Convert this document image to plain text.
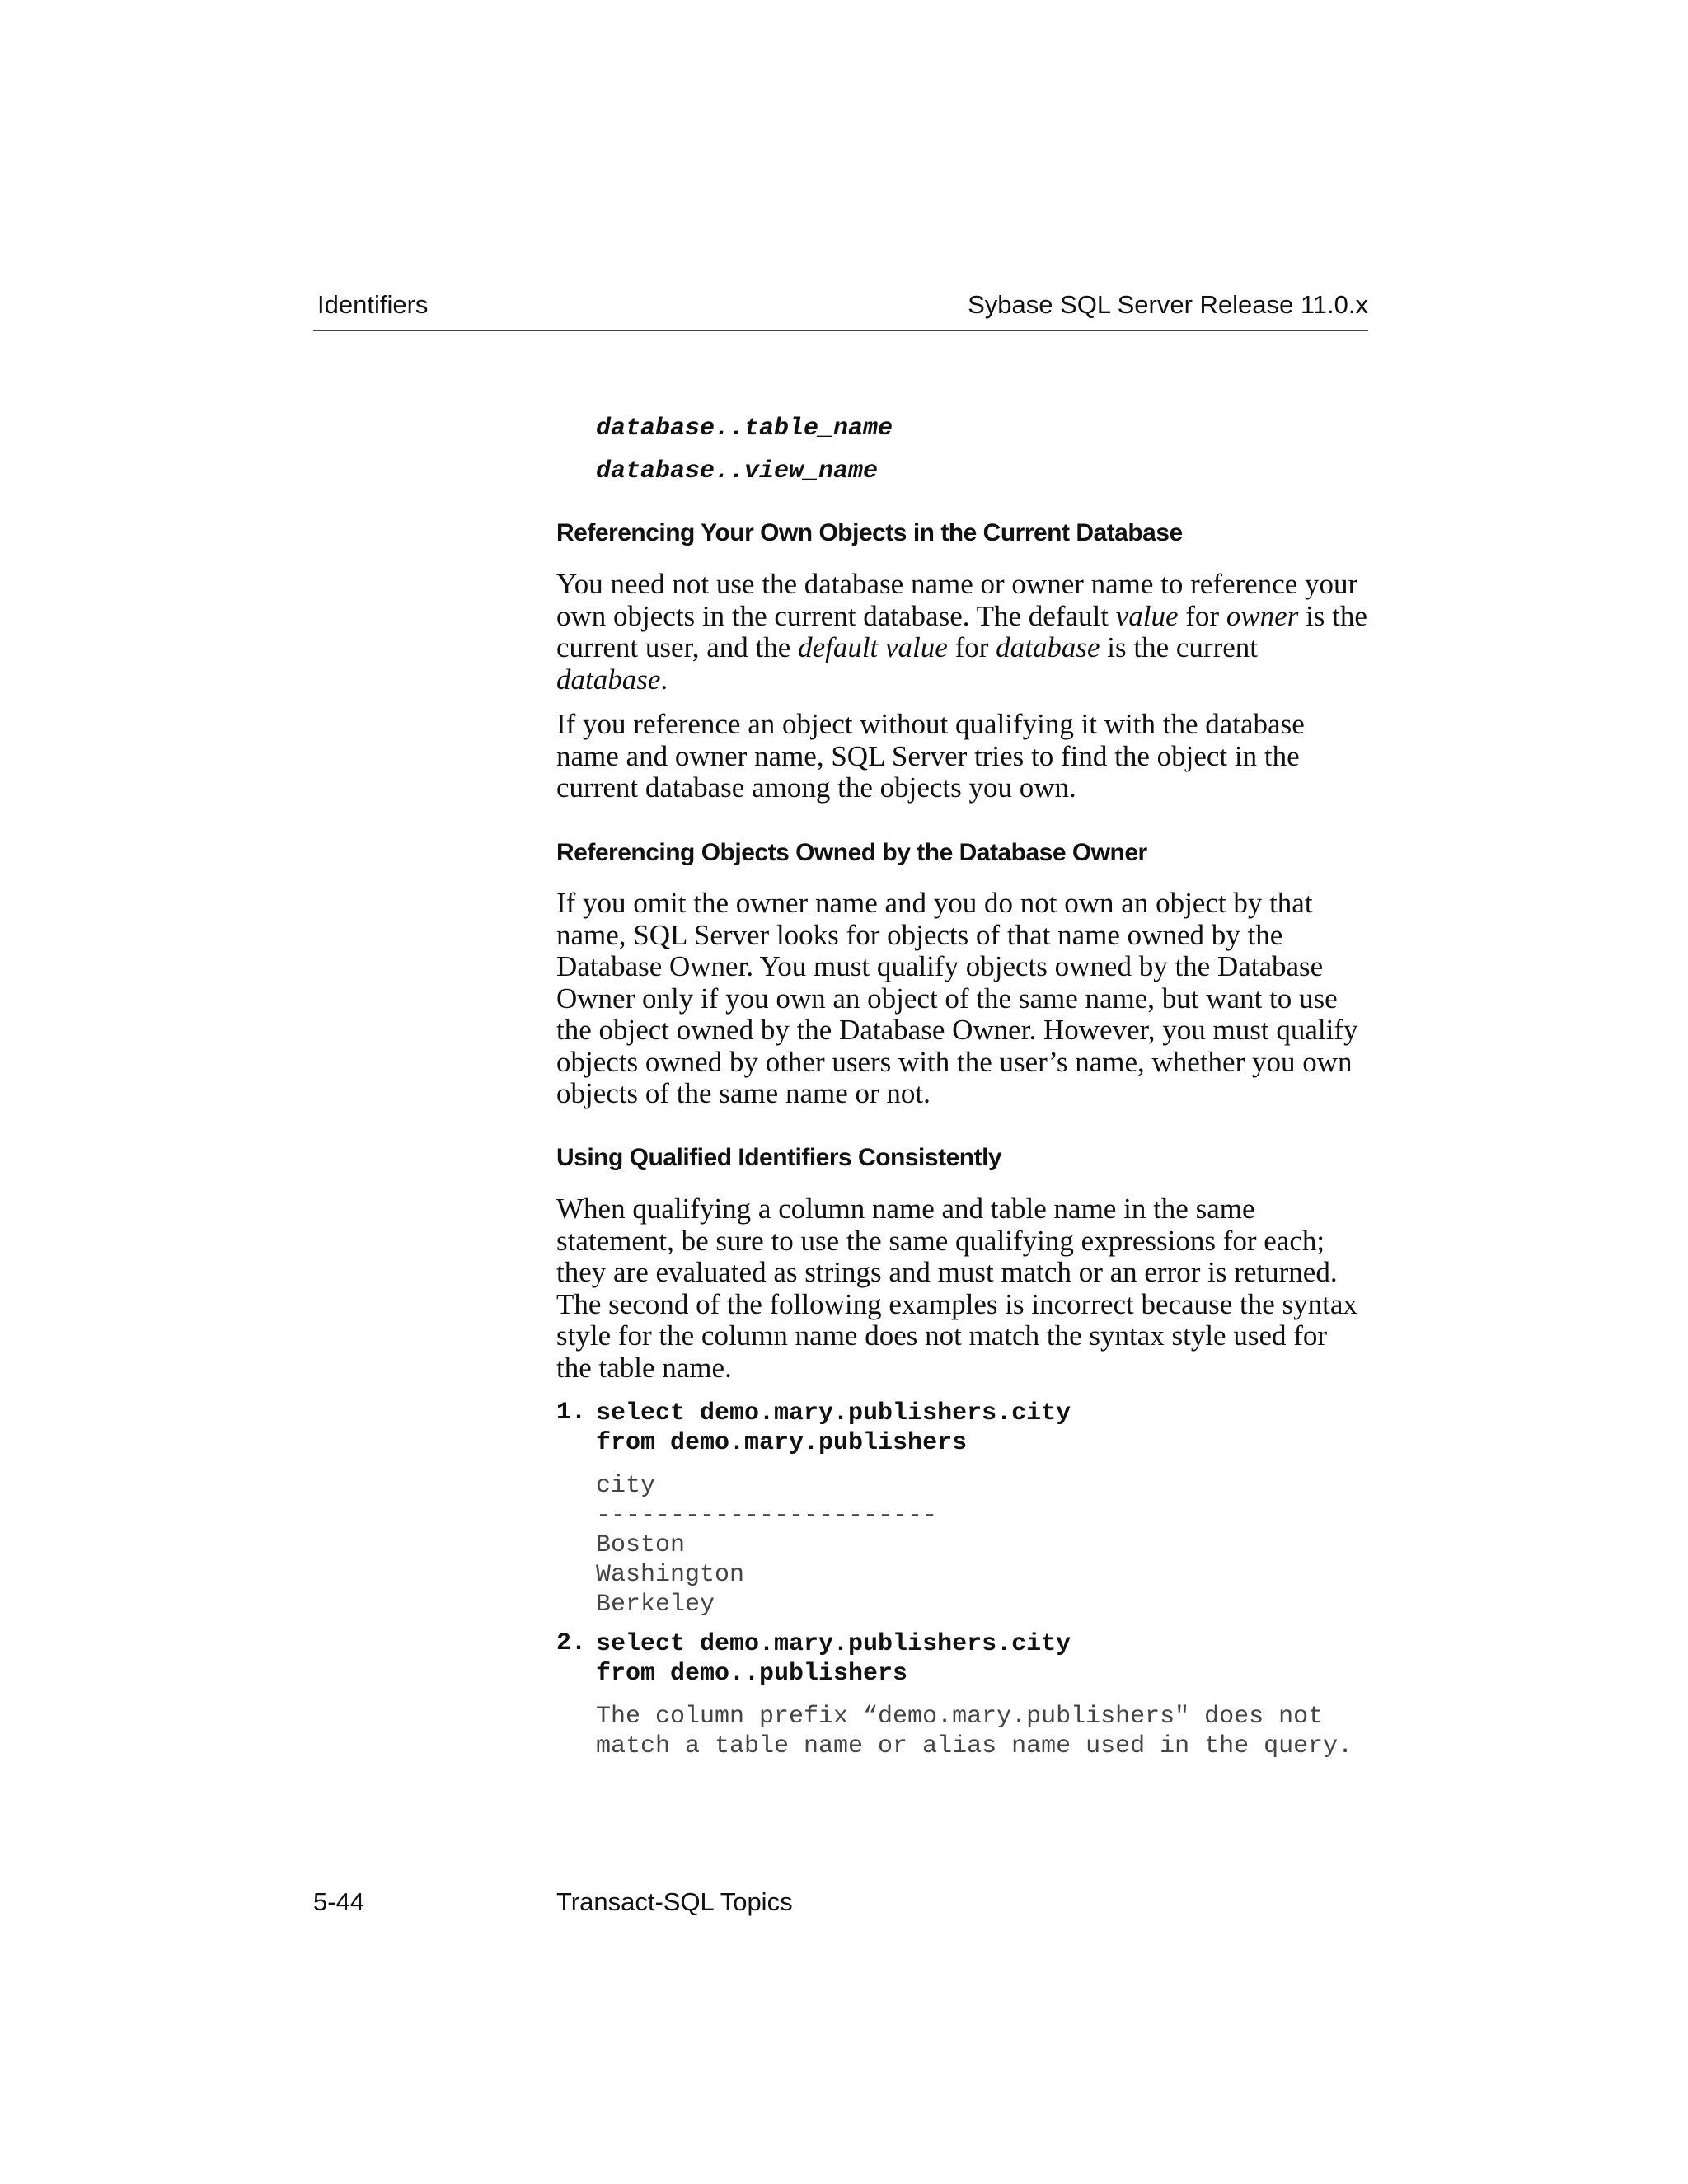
Identifiers	Sybase SQL Server Release 11.0.x
database..table_name
database..view_name
Referencing Your Own Objects in the Current Database

You need not use the database name or owner name to reference your own objects in the current database. The default value for owner is the current user, and the default value for database is the current database.

If you reference an object without qualifying it with the database name and owner name, SQL Server tries to find the object in the current database among the objects you own.

Referencing Objects Owned by the Database Owner

If you omit the owner name and you do not own an object by that name, SQL Server looks for objects of that name owned by the Database Owner. You must qualify objects owned by the Database Owner only if you own an object of the same name, but want to use the object owned by the Database Owner. However, you must qualify objects owned by other users with the user’s name, whether you own objects of the same name or not.

Using Qualified Identifiers Consistently

When qualifying a column name and table name in the same statement, be sure to use the same qualifying expressions for each; they are evaluated as strings and must match or an error is returned. The second of the following examples is incorrect because the syntax style for the column name does not match the syntax style used for the table name.

1. select demo.mary.publishers.city
from demo.mary.publishers
city
-----------------------
Boston
Washington
Berkeley
2. select demo.mary.publishers.city
from demo..publishers
The column prefix “demo.mary.publishers" does not
match a table name or alias name used in the query.
5-44	Transact-SQL Topics
